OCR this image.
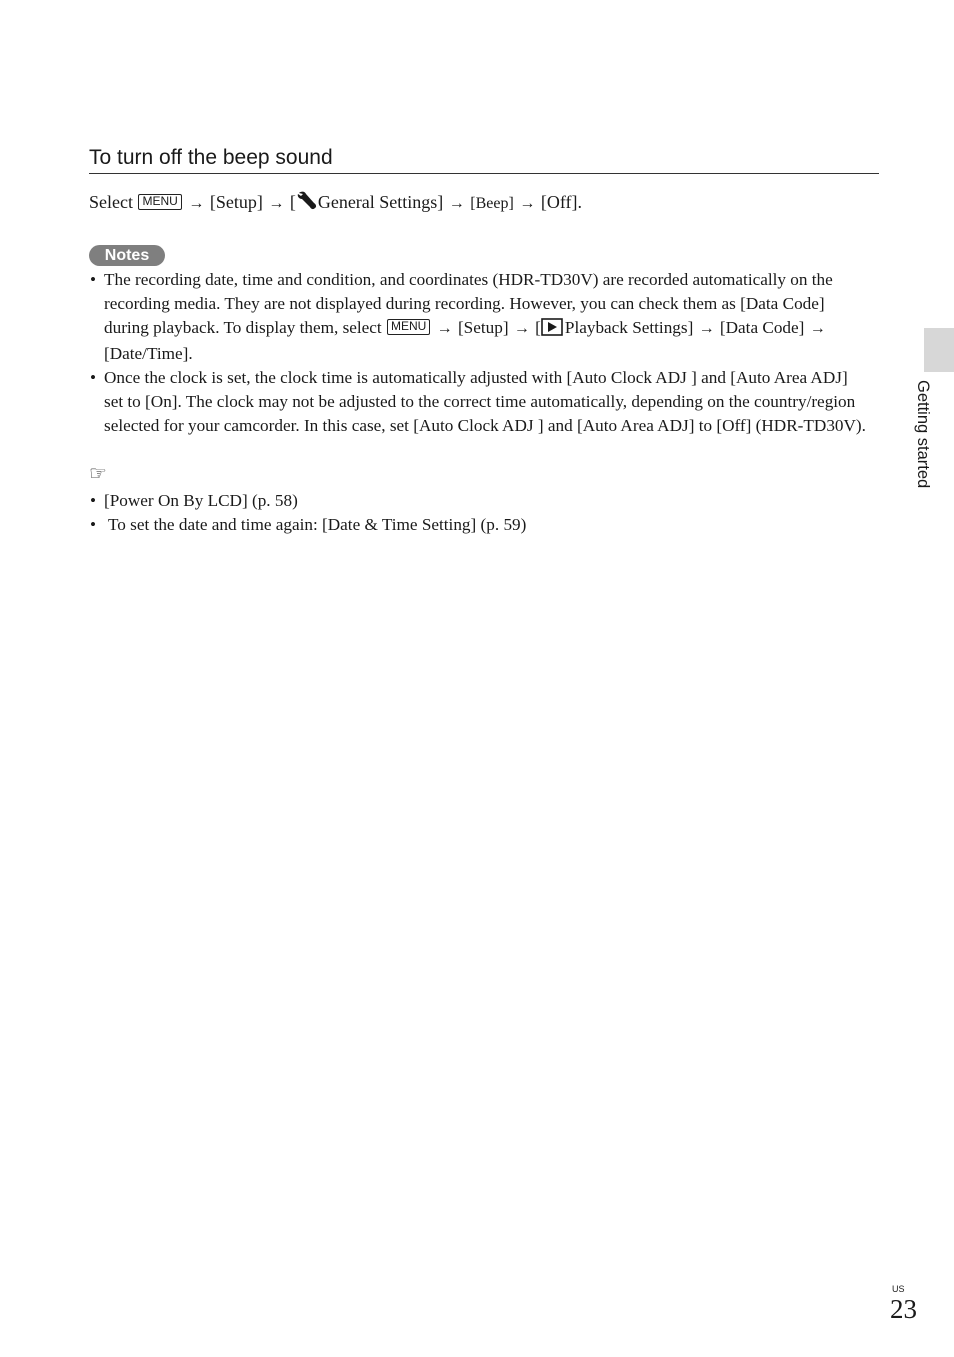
To turn off the beep sound
Select MENU → [Setup] → [ General Settings] → [Beep] → [Off].
Notes
• The recording date, time and condition, and coordinates (HDR-TD30V) are recorded automatically on the recording media. They are not displayed during recording. However, you can check them as [Data Code] during playback. To display them, select MENU → [Setup] → [ Playback Settings] → [Data Code] → [Date/Time].
• Once the clock is set, the clock time is automatically adjusted with [Auto Clock ADJ ] and [Auto Area ADJ] set to [On]. The clock may not be adjusted to the correct time automatically, depending on the country/region selected for your camcorder. In this case, set [Auto Clock ADJ ] and [Auto Area ADJ] to [Off] (HDR-TD30V).
☞
• [Power On By LCD] (p. 58)
• To set the date and time again: [Date & Time Setting] (p. 59)
Getting started
US
23
